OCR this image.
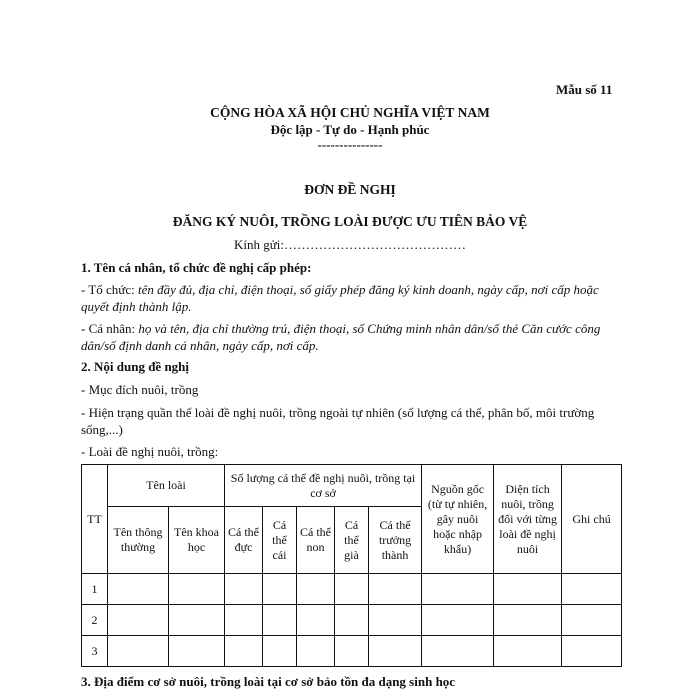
Mẫu số 11
CỘNG HÒA XÃ HỘI CHỦ NGHĨA VIỆT NAM
Độc lập - Tự do - Hạnh phúc
---------------
ĐƠN ĐỀ NGHỊ
ĐĂNG KÝ NUÔI, TRỒNG LOÀI ĐƯỢC ƯU TIÊN BẢO VỆ
Kính gửi:……………………………………
1. Tên cá nhân, tổ chức đề nghị cấp phép:
- Tổ chức: tên đầy đủ, địa chỉ, điện thoại, số giấy phép đăng ký kinh doanh, ngày cấp, nơi cấp hoặc quyết định thành lập.
- Cá nhân: họ và tên, địa chỉ thường trú, điện thoại, số Chứng minh nhân dân/số thẻ Căn cước công dân/số định danh cá nhân, ngày cấp, nơi cấp.
2. Nội dung đề nghị
- Mục đích nuôi, trồng
- Hiện trạng quần thể loài đề nghị nuôi, trồng ngoài tự nhiên (số lượng cá thể, phân bố, môi trường sống,...)
- Loài đề nghị nuôi, trồng:
TT	Tên loài		Số lượng cá thể đề nghị nuôi, trồng tại cơ sở					Nguồn gốc (từ tự nhiên, gây nuôi hoặc nhập khẩu)	Diện tích nuôi, trồng đối với từng loài đề nghị nuôi	Ghi chú
	Tên thông thường	Tên khoa học	Cá thể đực	Cá thể cái	Cá thể non	Cá thể già	Cá thể trưởng thành			
1										
2										
3										
3. Địa điểm cơ sở nuôi, trồng loài tại cơ sở bảo tồn đa dạng sinh học
